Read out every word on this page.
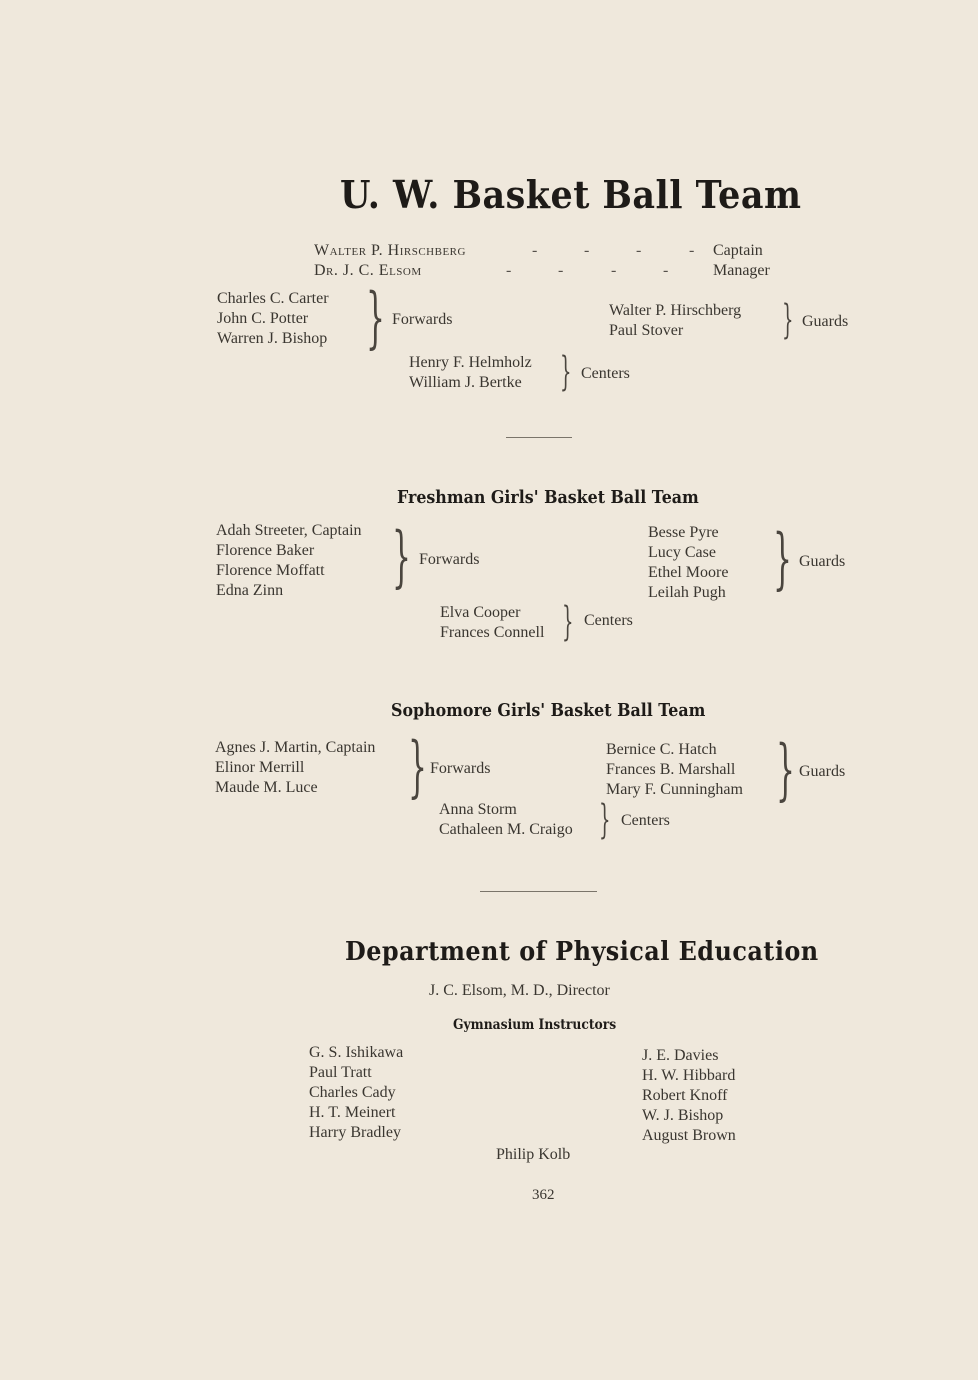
U. W. Basket Ball Team
Walter P. Hirschberg	-	-	-	- Captain
Dr. J. C. Elsom	-	-	-	-	Manager
Charles C. Carter
John C. Potter
Warren J. Bishop } Forwards
Walter P. Hirschberg
Paul Stover } Guards
Henry F. Helmholz
William J. Bertke } Centers
Freshman Girls' Basket Ball Team
Adah Streeter, Captain
Florence Baker
Florence Moffatt
Edna Zinn } Forwards
Besse Pyre
Lucy Case
Ethel Moore
Leilah Pugh } Guards
Elva Cooper
Frances Connell } Centers
Sophomore Girls' Basket Ball Team
Agnes J. Martin, Captain
Elinor Merrill
Maude M. Luce } Forwards
Bernice C. Hatch
Frances B. Marshall
Mary F. Cunningham } Guards
Anna Storm
Cathaleen M. Craigo } Centers
Department of Physical Education
J. C. Elsom, M. D., Director
Gymnasium Instructors
G. S. Ishikawa
Paul Tratt
Charles Cady
H. T. Meinert
Harry Bradley
J. E. Davies
H. W. Hibbard
Robert Knoff
W. J. Bishop
August Brown
Philip Kolb
362
